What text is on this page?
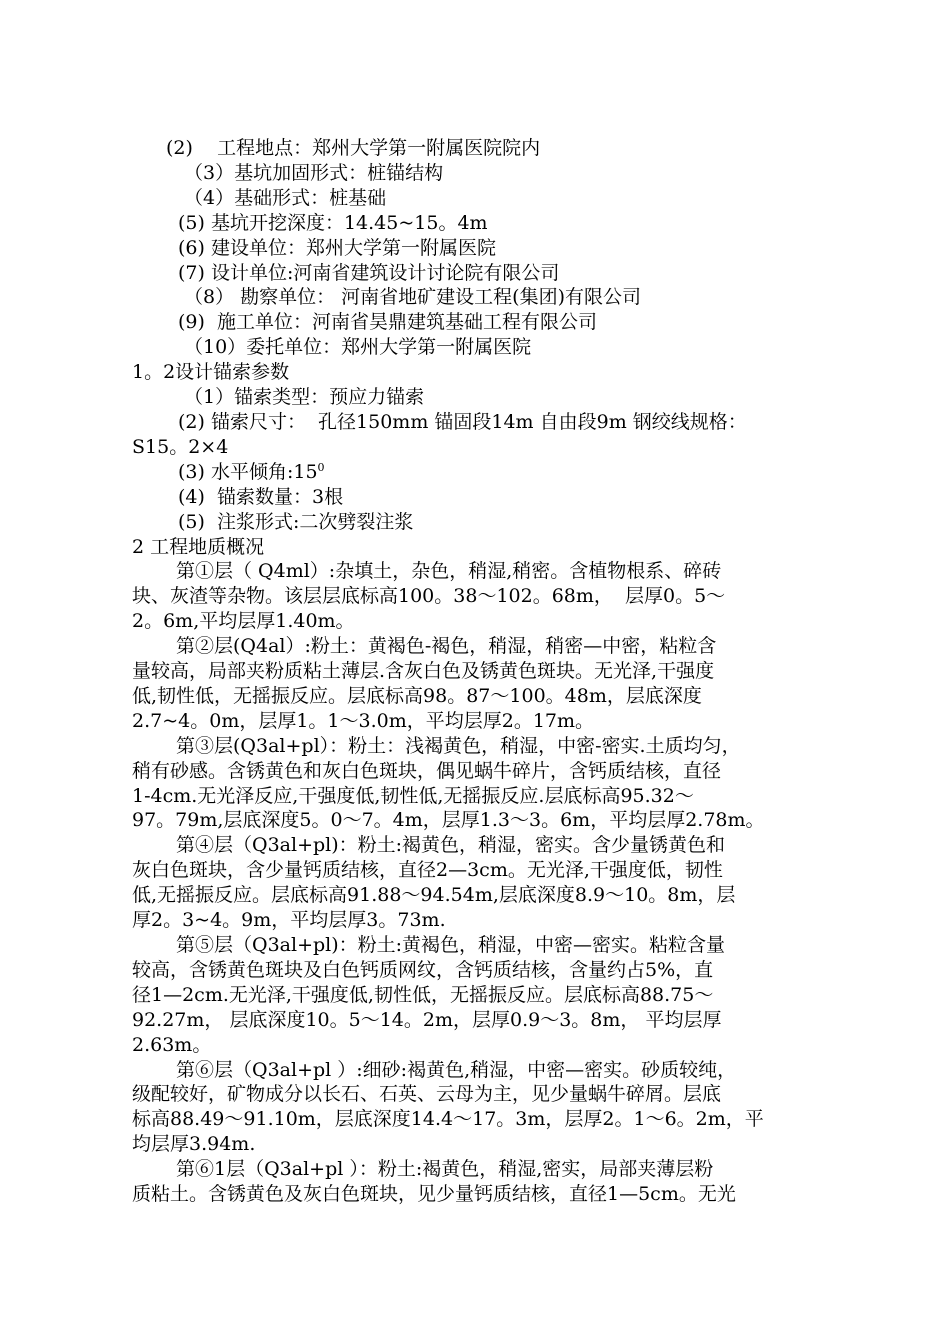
(2)    工程地点：郑州大学第一附属医院院内
（3）基坑加固形式：桩锚结构
（4）基础形式：桩基础
(5) 基坑开挖深度：14.45~15。4m
(6) 建设单位：郑州大学第一附属医院
(7) 设计单位:河南省建筑设计讨论院有限公司
（8） 勘察单位： 河南省地矿建设工程(集团)有限公司
(9)  施工单位：河南省昊鼎建筑基础工程有限公司
（10）委托单位：郑州大学第一附属医院
1。2设计锚索参数
（1）锚索类型：预应力锚索
(2) 锚索尺寸：  孔径150mm 锚固段14m 自由段9m 钢绞线规格：
S15。2×4
(3) 水平倾角$:15^0$
(4)  锚索数量：3根
(5)  注浆形式:二次劈裂注浆
2 工程地质概况
第①层（ Q4ml）:杂填土，杂色，稍湿,稍密。含植物根系、碎砖
块、灰渣等杂物。该层层底标高100。38～102。68m，  层厚0。5～
2。6m,平均层厚1.40m。
第②层(Q4al）:粉土：黄褐色-褐色，稍湿，稍密—中密，粘粒含
量较高，局部夹粉质粘土薄层.含灰白色及锈黄色斑块。无光泽,干强度
低,韧性低，无摇振反应。层底标高98。87～100。48m，层底深度
2.7~4。0m，层厚1。1～3.0m，平均层厚2。17m。
第③层(Q3al+pl）：粉土：浅褐黄色，稍湿，中密-密实.土质均匀，
稍有砂感。含锈黄色和灰白色斑块，偶见蜗牛碎片，含钙质结核，直径
1-4cm.无光泽反应,干强度低,韧性低,无摇振反应.层底标高95.32～
97。79m,层底深度5。0～7。4m，层厚1.3～3。6m，平均层厚2.78m。
第④层（Q3al+pl)：粉土:褐黄色，稍湿，密实。含少量锈黄色和
灰白色斑块，含少量钙质结核，直径2—3cm。无光泽,干强度低，韧性
低,无摇振反应。层底标高91.88～94.54m,层底深度8.9～10。8m，层
厚2。3~4。9m，平均层厚3。73m.
第⑤层（Q3al+pl)：粉土:黄褐色，稍湿，中密—密实。粘粒含量
较高，含锈黄色斑块及白色钙质网纹，含钙质结核，含量约占5%，直
径1—2cm.无光泽,干强度低,韧性低，无摇振反应。层底标高88.75～
92.27m， 层底深度10。5～14。2m，层厚0.9～3。8m， 平均层厚
2.63m。
第⑥层（Q3al+pl ）:细砂:褐黄色,稍湿，中密—密实。砂质较纯，
级配较好，矿物成分以长石、石英、云母为主，见少量蜗牛碎屑。层底
标高88.49～91.10m，层底深度14.4～17。3m，层厚2。1～6。2m，平
均层厚3.94m.
第⑥1层（Q3al+pl ）：粉土:褐黄色，稍湿,密实，局部夹薄层粉
质粘土。含锈黄色及灰白色斑块，见少量钙质结核，直径1—5cm。无光
